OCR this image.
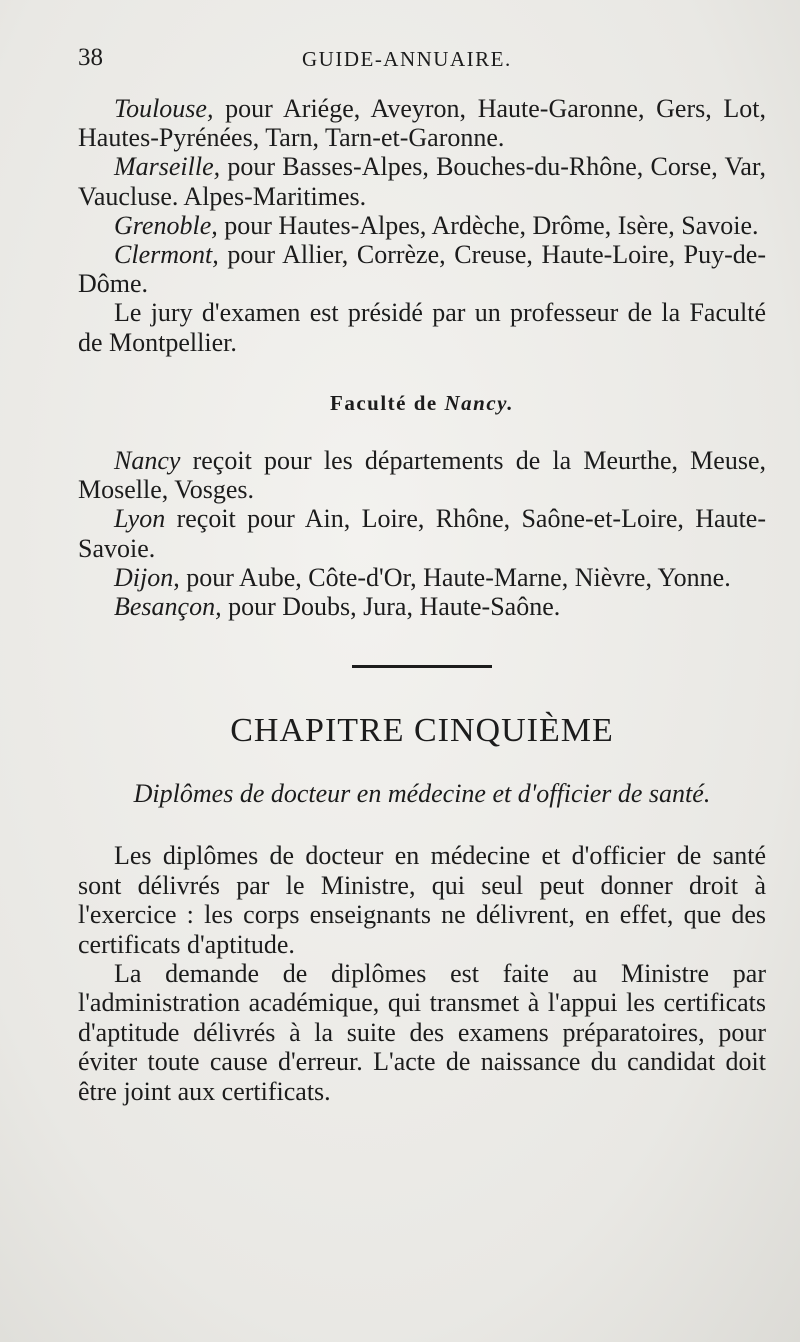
38	GUIDE-ANNUAIRE.

Toulouse, pour Ariége, Aveyron, Haute-Garonne, Gers, Lot, Hautes-Pyrénées, Tarn, Tarn-et-Garonne.

Marseille, pour Basses-Alpes, Bouches-du-Rhône, Corse, Var, Vaucluse. Alpes-Maritimes.

Grenoble, pour Hautes-Alpes, Ardèche, Drôme, Isère, Savoie.

Clermont, pour Allier, Corrèze, Creuse, Haute-Loire, Puy-de-Dôme.

Le jury d'examen est présidé par un professeur de la Faculté de Montpellier.

Faculté de Nancy.

Nancy reçoit pour les départements de la Meurthe, Meuse, Moselle, Vosges.

Lyon reçoit pour Ain, Loire, Rhône, Saône-et-Loire, Haute-Savoie.

Dijon, pour Aube, Côte-d'Or, Haute-Marne, Nièvre, Yonne.

Besançon, pour Doubs, Jura, Haute-Saône.

CHAPITRE CINQUIÈME
Diplômes de docteur en médecine et d'officier de santé.

Les diplômes de docteur en médecine et d'officier de santé sont délivrés par le Ministre, qui seul peut donner droit à l'exercice : les corps enseignants ne délivrent, en effet, que des certificats d'aptitude.

La demande de diplômes est faite au Ministre par l'administration académique, qui transmet à l'appui les certificats d'aptitude délivrés à la suite des examens préparatoires, pour éviter toute cause d'erreur. L'acte de naissance du candidat doit être joint aux certificats.
